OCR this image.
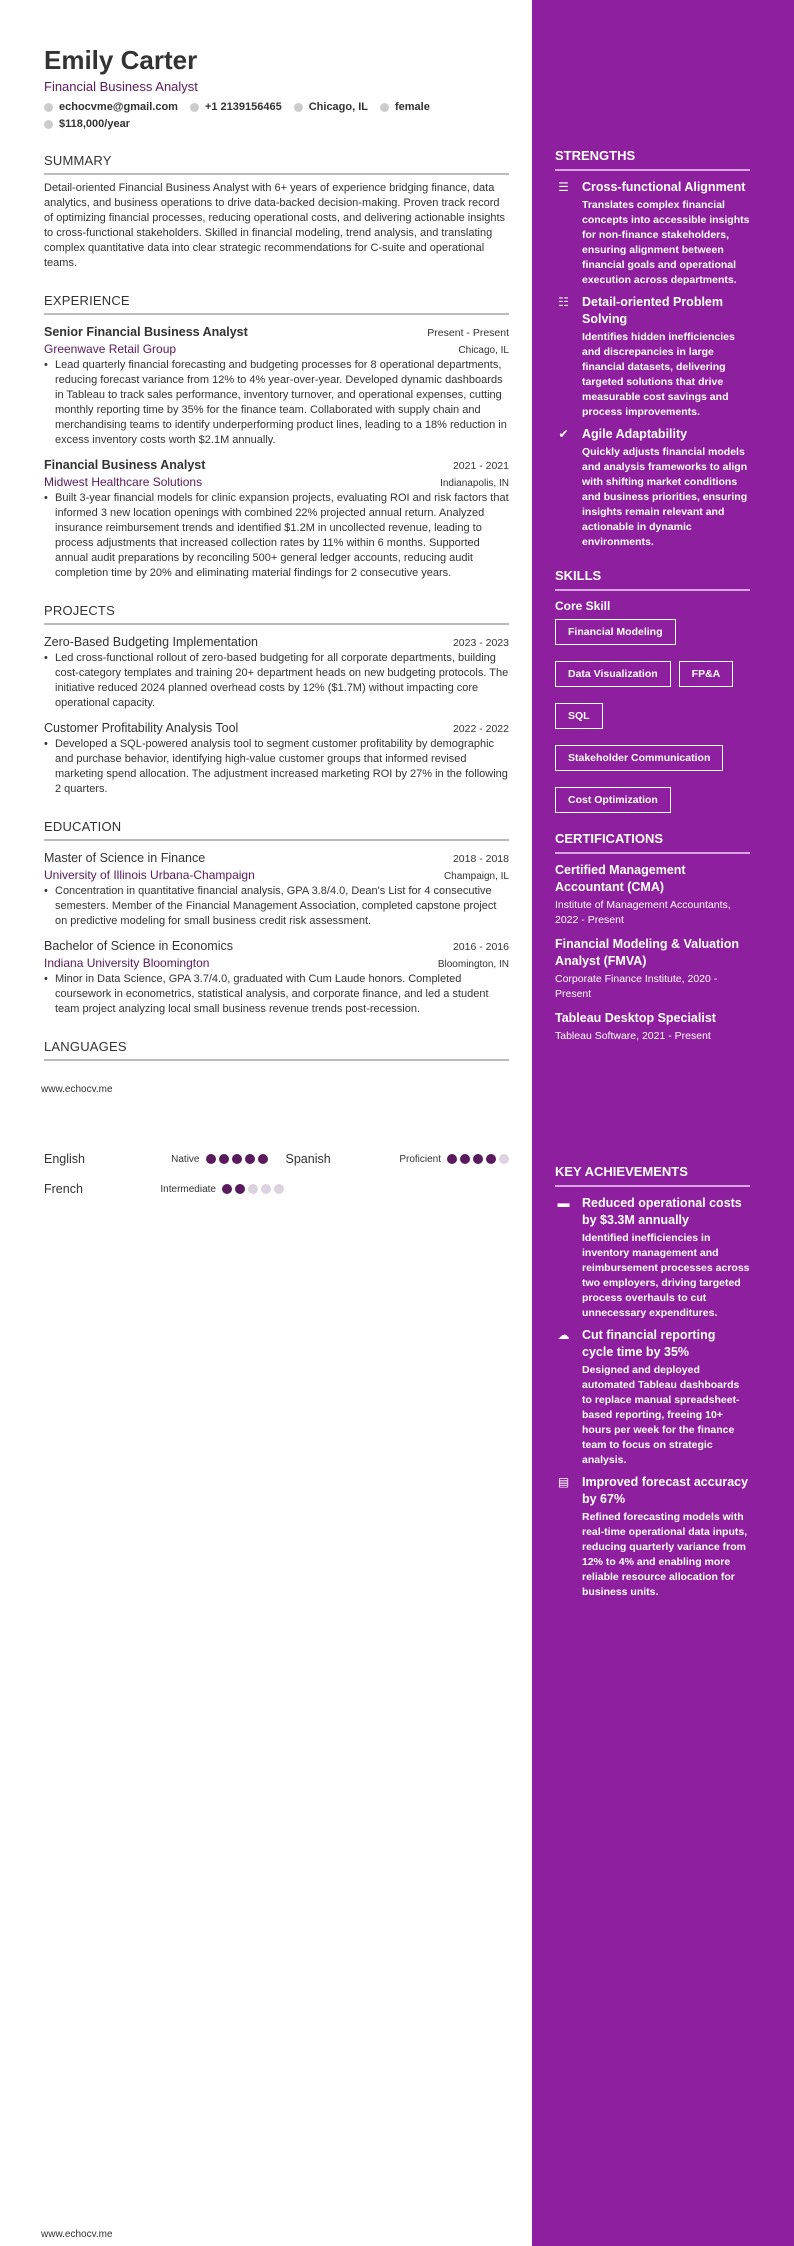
Emily Carter
Financial Business Analyst
echocvme@gmail.com +1 2139156465 Chicago, IL female
$118,000/year
SUMMARY
Detail-oriented Financial Business Analyst with 6+ years of experience bridging finance, data analytics, and business operations to drive data-backed decision-making. Proven track record of optimizing financial processes, reducing operational costs, and delivering actionable insights to cross-functional stakeholders. Skilled in financial modeling, trend analysis, and translating complex quantitative data into clear strategic recommendations for C-suite and operational teams.
EXPERIENCE
Senior Financial Business Analyst	Present - Present
Greenwave Retail Group	Chicago, IL
• Lead quarterly financial forecasting and budgeting processes for 8 operational departments, reducing forecast variance from 12% to 4% year-over-year. Developed dynamic dashboards in Tableau to track sales performance, inventory turnover, and operational expenses, cutting monthly reporting time by 35% for the finance team. Collaborated with supply chain and merchandising teams to identify underperforming product lines, leading to a 18% reduction in excess inventory costs worth $2.1M annually.
Financial Business Analyst	2021 - 2021
Midwest Healthcare Solutions	Indianapolis, IN
• Built 3-year financial models for clinic expansion projects, evaluating ROI and risk factors that informed 3 new location openings with combined 22% projected annual return. Analyzed insurance reimbursement trends and identified $1.2M in uncollected revenue, leading to process adjustments that increased collection rates by 11% within 6 months. Supported annual audit preparations by reconciling 500+ general ledger accounts, reducing audit completion time by 20% and eliminating material findings for 2 consecutive years.
PROJECTS
Zero-Based Budgeting Implementation	2023 - 2023
• Led cross-functional rollout of zero-based budgeting for all corporate departments, building cost-category templates and training 20+ department heads on new budgeting protocols. The initiative reduced 2024 planned overhead costs by 12% ($1.7M) without impacting core operational capacity.
Customer Profitability Analysis Tool	2022 - 2022
• Developed a SQL-powered analysis tool to segment customer profitability by demographic and purchase behavior, identifying high-value customer groups that informed revised marketing spend allocation. The adjustment increased marketing ROI by 27% in the following 2 quarters.
EDUCATION
Master of Science in Finance	2018 - 2018
University of Illinois Urbana-Champaign	Champaign, IL
• Concentration in quantitative financial analysis, GPA 3.8/4.0, Dean's List for 4 consecutive semesters. Member of the Financial Management Association, completed capstone project on predictive modeling for small business credit risk assessment.
Bachelor of Science in Economics	2016 - 2016
Indiana University Bloomington	Bloomington, IN
• Minor in Data Science, GPA 3.7/4.0, graduated with Cum Laude honors. Completed coursework in econometrics, statistical analysis, and corporate finance, and led a student team project analyzing local small business revenue trends post-recession.
LANGUAGES
www.echocv.me
English	Native	Spanish	Proficient
French	Intermediate
www.echocv.me
STRENGTHS
☰ Cross-functional Alignment
Translates complex financial concepts into accessible insights for non-finance stakeholders, ensuring alignment between financial goals and operational execution across departments.
☷ Detail-oriented Problem Solving
Identifies hidden inefficiencies and discrepancies in large financial datasets, delivering targeted solutions that drive measurable cost savings and process improvements.
✔ Agile Adaptability
Quickly adjusts financial models and analysis frameworks to align with shifting market conditions and business priorities, ensuring insights remain relevant and actionable in dynamic environments.
SKILLS
Core Skill
Financial Modeling
Data Visualization	FP&A
SQL
Stakeholder Communication
Cost Optimization
CERTIFICATIONS
Certified Management Accountant (CMA)
Institute of Management Accountants, 2022 - Present
Financial Modeling & Valuation Analyst (FMVA)
Corporate Finance Institute, 2020 - Present
Tableau Desktop Specialist
Tableau Software, 2021 - Present
KEY ACHIEVEMENTS
▬ Reduced operational costs by $3.3M annually
Identified inefficiencies in inventory management and reimbursement processes across two employers, driving targeted process overhauls to cut unnecessary expenditures.
☁ Cut financial reporting cycle time by 35%
Designed and deployed automated Tableau dashboards to replace manual spreadsheet-based reporting, freeing 10+ hours per week for the finance team to focus on strategic analysis.
▤ Improved forecast accuracy by 67%
Refined forecasting models with real-time operational data inputs, reducing quarterly variance from 12% to 4% and enabling more reliable resource allocation for business units.
